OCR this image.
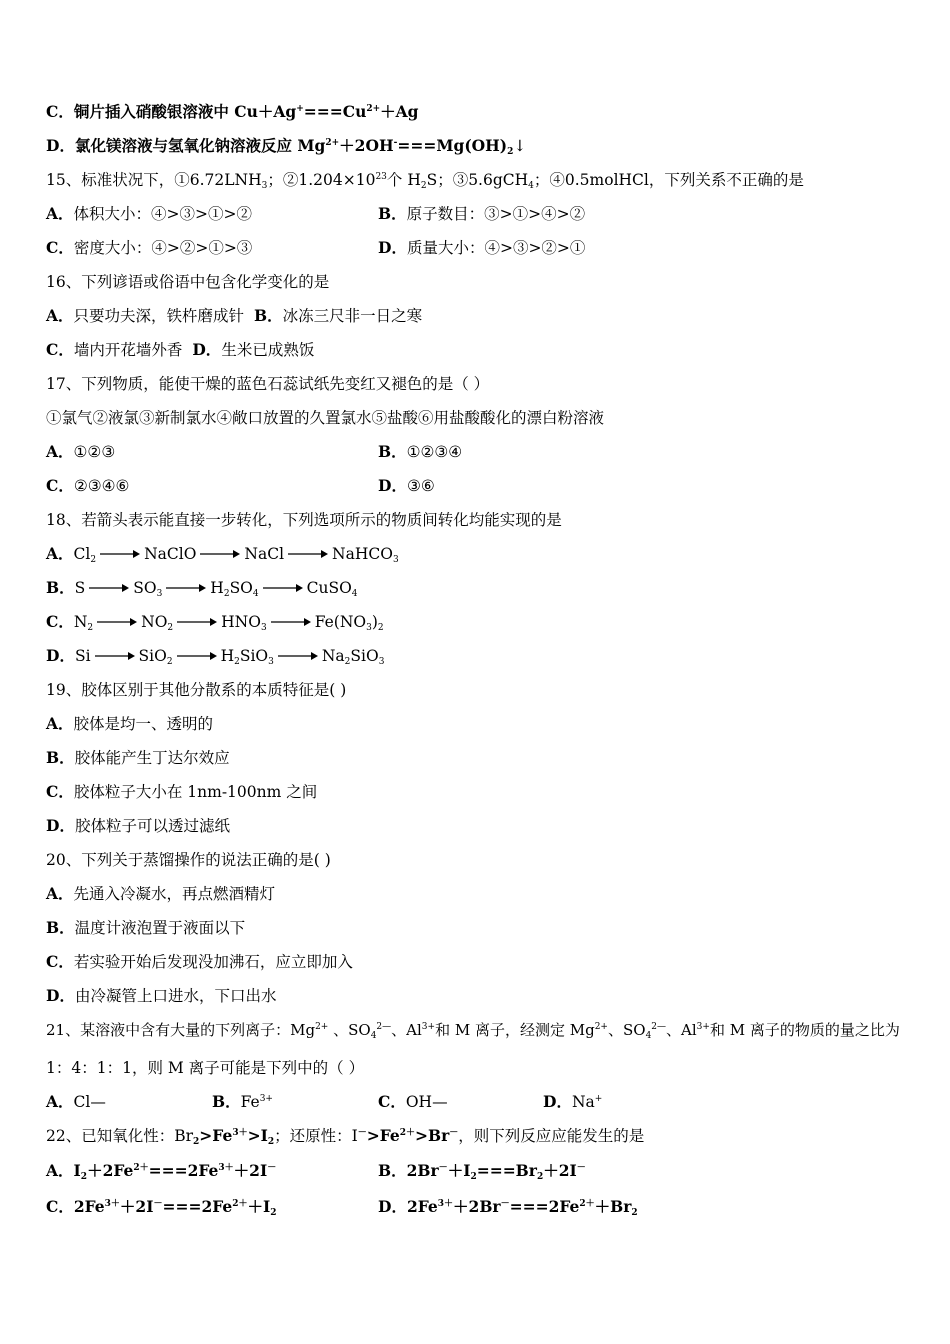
C．铜片插入硝酸银溶液中 $Cu+Ag^+===Cu^{2+}+Ag$
D．氯化镁溶液与氢氧化钠溶液反应 $Mg^{2+}+2OH^-===Mg(OH)_2↓$
15、标准状况下，$①6.72LNH_3$；$②1.204\times 10^{23}$个 $H_2S$；③5.6gCH$_4$；④0.5molHCl，下列关系不正确的是
A．体积大小：④>③>①>②	B．原子数目：③>①>④>②
C．密度大小：④>②>①>③	D．质量大小：④>③>②>①
16、下列谚语或俗语中包含化学变化的是
A．只要功夫深，铁杵磨成针 B．冰冻三尺非一日之寒
C．墙内开花墙外香 D．生米已成熟饭
17、下列物质，能使干燥的蓝色石蕊试纸先变红又褪色的是（ ）
①氯气②液氯③新制氯水④敞口放置的久置氯水⑤盐酸⑥用盐酸酸化的漂白粉溶液
A．①②③	B．①②③④
C．②③④⑥	D．③⑥
18、若箭头表示能直接一步转化，下列选项所示的物质间转化均能实现的是
A．$Cl_2$	NaClO	NaCl	NaHCO$_3$
B．S	$SO_3$	$H_2SO_4$	CuSO$_4$
C．$N_2$	$NO_2$	$HNO_3$	$Fe(NO_3)_2$
D．Si	SiO$_2$	$H_2SiO_3$	$Na_2SiO_3$
19、胶体区别于其他分散系的本质特征是( )
A．胶体是均一、透明的
B．胶体能产生丁达尔效应
C．胶体粒子大小在 1nm-100nm 之间
D．胶体粒子可以透过滤纸
20、下列关于蒸馏操作的说法正确的是( )
A．先通入冷凝水，再点燃酒精灯
B．温度计液泡置于液面以下
C．若实验开始后发现没加沸石，应立即加入
D．由冷凝管上口进水，下口出水
21、某溶液中含有大量的下列离子：$Mg^{2+}$ 、$SO_4^{2—}$、$Al^{3+}$和 M 离子，经测定 $Mg^{2+}$、$SO_4^{2—}$、$Al^{3+}$和 M 离子的物质的量之比为
1：4：1：1，则 M 离子可能是下列中的（ ）
A．Cl—	B．$Fe^{3+}$	C．OH—	D．Na+
22、已知氧化性：$Br_2>Fe^{3+}>I_2$；还原性：$I^->Fe^{2+}>Br^-$，则下列反应应能发生的是
A．$I_2+2Fe^{2+}===2Fe^{3+}+2I^-$	B．$2Br^-+I_2===Br_2+2I^-$
C．$2Fe^{3+}+2I^-===2Fe^{2+}+I_2$	D．$2Fe^{3+}+2Br^-===2Fe^{2+}+Br_2$
